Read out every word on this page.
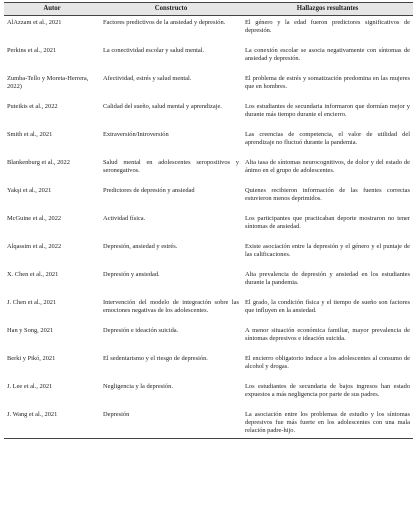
Autor	Constructo	Hallazgos resultantes
AlAzzam et al., 2021	Factores predictivos de la ansiedad y depresión.	El género y la edad fueron predictores significativos de depresión.
Perkins et al., 2021	La conectividad escolar y salud mental.	La conexión escolar se asocia negativamente con síntomas de ansiedad y depresión.
Zumba-Tello y Moreta-Herrera, 2022)	Afectividad, estrés y salud mental.	El problema de estrés y somatización predomina en las mujeres que en hombres.
Puteikis et al., 2022	Calidad del sueño, salud mental y aprendizaje.	Los estudiantes de secundaria informaron que dormían mejor y durante más tiempo durante el encierro.
Smith et al., 2021	Extraversión/Introversión	Las creencias de competencia, el valor de utilidad del aprendizaje no fluctuó durante la pandemia.
Blankenburg et al., 2022	Salud mental en adolescentes seropositivos y seronegativos.	Alta tasa de síntomas neurocognitivos, de dolor y del estado de ánimo en el grupo de adolescentes.
Yakşi et al., 2021	Predictores de depresión y ansiedad	Quienes recibieron información de las fuentes correctas estuvieron menos deprimidos.
McGuine et al., 2022	Actividad física.	Los participantes que practicaban deporte mostraron no tener síntomas de ansiedad.
Alqassim et al., 2022	Depresión, ansiedad y estrés.	Existe asociación entre la depresión y el género y el puntaje de las calificaciones.
X. Chen et al., 2021	Depresión y ansiedad.	Alta prevalencia de depresión y ansiedad en los estudiantes durante la pandemia.
J. Chen et al., 2021	Intervención del modelo de integración sobre las emociones negativas de los adolescentes.	El grado, la condición física y el tiempo de sueño son factores que influyen en la ansiedad.
Han y Song, 2021	Depresión e ideación suicida.	A menor situación económica familiar, mayor prevalencia de síntomas depresivos e ideación suicida.
Berki y Pikó, 2021	El sedentarismo y el riesgo de depresión.	El encierro obligatorio induce a los adolescentes al consumo de alcohol y drogas.
J. Lee et al., 2021	Negligencia y la depresión.	Los estudiantes de secundaria de bajos ingresos han estado expuestos a más negligencia por parte de sus padres.
J. Wang et al., 2021	Depresión	La asociación entre los problemas de estudio y los síntomas depresivos fue más fuerte en los adolescentes con una mala relación padre-hijo.
